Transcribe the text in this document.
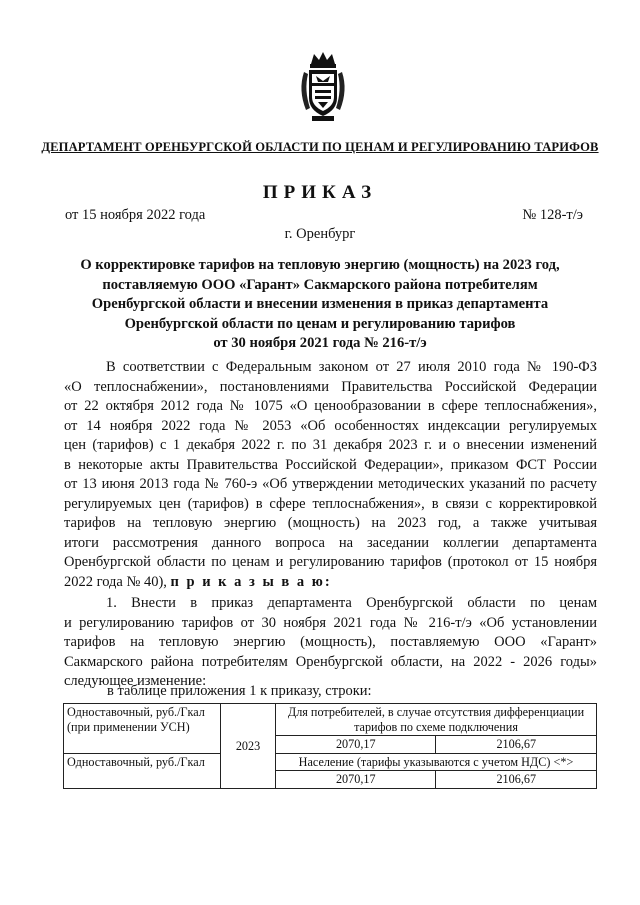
ДЕПАРТАМЕНТ ОРЕНБУРГСКОЙ ОБЛАСТИ ПО ЦЕНАМ И РЕГУЛИРОВАНИЮ ТАРИФОВ
ПРИКАЗ
от 15 ноября 2022 года	№ 128-т/э
г. Оренбург
О корректировке тарифов на тепловую энергию (мощность) на 2023 год,
поставляемую ООО «Гарант» Сакмарского района потребителям
Оренбургской области и внесении изменения в приказ департамента
Оренбургской области по ценам и регулированию тарифов
от 30 ноября 2021 года № 216-т/э
В соответствии с Федеральным законом от 27 июля 2010 года № 190-ФЗ
«О теплоснабжении», постановлениями Правительства Российской Федерации
от 22 октября 2012 года № 1075 «О ценообразовании в сфере теплоснабжения»,
от 14 ноября 2022 года № 2053 «Об особенностях индексации регулируемых
цен (тарифов) с 1 декабря 2022 г. по 31 декабря 2023 г. и о внесении изменений
в некоторые акты Правительства Российской Федерации», приказом ФСТ России
от 13 июня 2013 года № 760-э «Об утверждении методических указаний по расчету
регулируемых цен (тарифов) в сфере теплоснабжения», в связи с корректировкой
тарифов на тепловую энергию (мощность) на 2023 год, а также учитывая
итоги рассмотрения данного вопроса на заседании коллегии департамента
Оренбургской области по ценам и регулированию тарифов (протокол от 15 ноября
2022 года № 40), п р и к а з ы в а ю:
1. Внести в приказ департамента Оренбургской области по ценам
и регулированию тарифов от 30 ноября 2021 года № 216-т/э «Об установлении
тарифов на тепловую энергию (мощность), поставляемую ООО «Гарант»
Сакмарского района потребителям Оренбургской области, на 2022 - 2026 годы»
следующее изменение:
в таблице приложения 1 к приказу, строки:
Одноставочный, руб./Гкал (при применении УСН)	2023	Для потребителей, в случае отсутствия дифференциации тарифов по схеме подключения	
		2070,17	2106,67
Одноставочный, руб./Гкал		Население (тарифы указываются с учетом НДС) <*>	
		2070,17	2106,67
